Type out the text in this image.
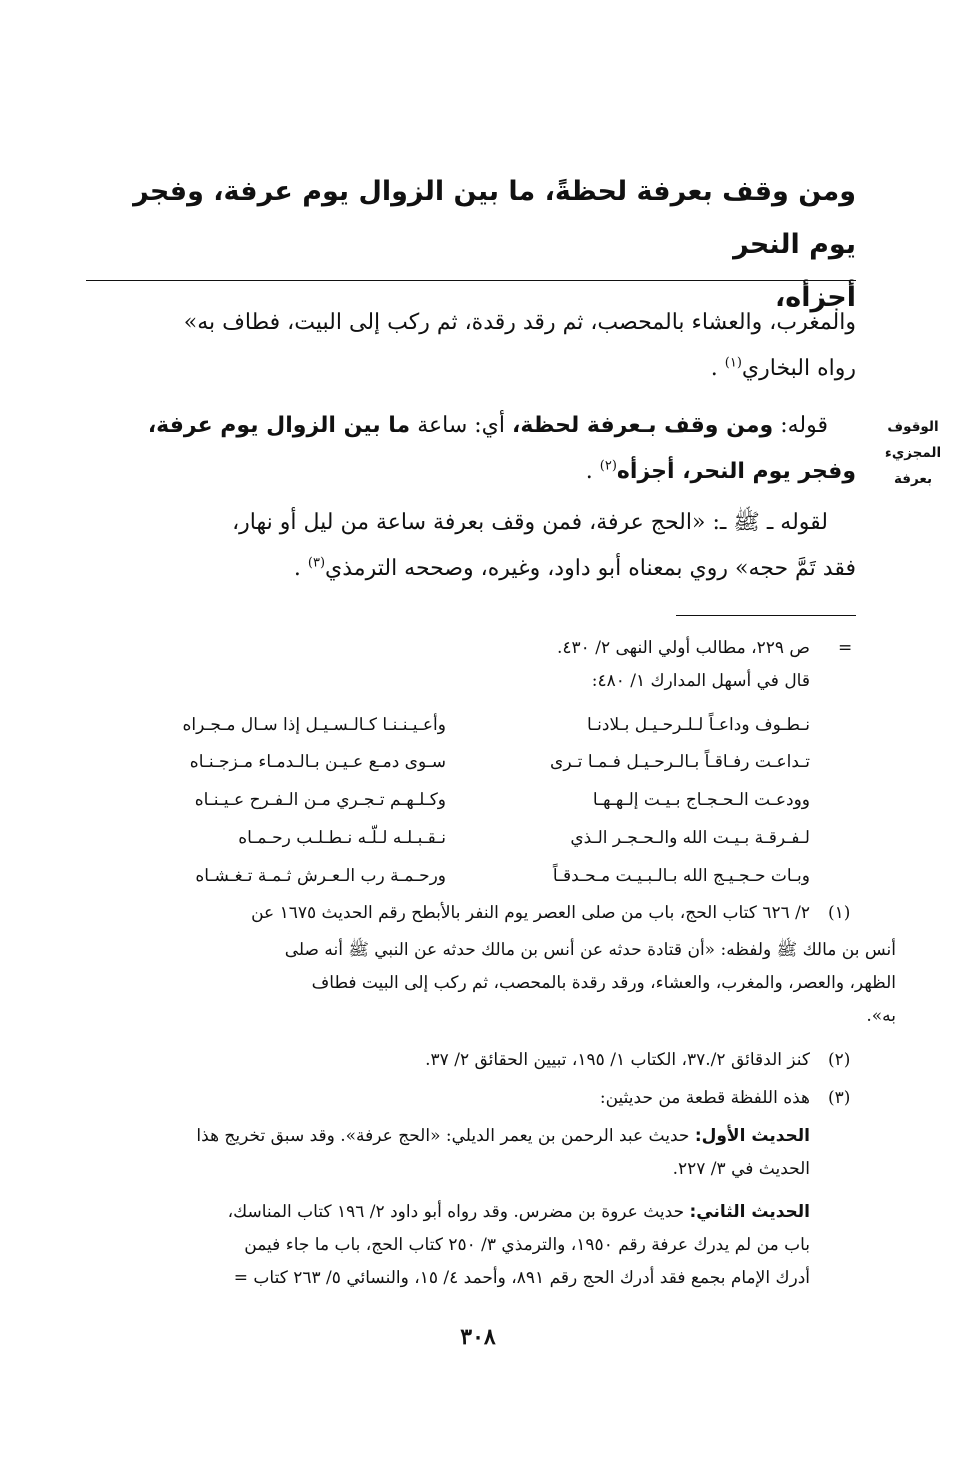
ومن وقف بعرفة لحظةً، ما بين الزوال يوم عرفة، وفجر يوم النحر
أجزأه،
الوقوف
المجزيء
بعرفة
والمغرب، والعشاء بالمحصب، ثم رقد رقدة، ثم ركب إلى البيت، فطاف به»
رواه البخاري$^{(١)}$ .
قوله: ومن وقف بـعرفة لحظة، أي: ساعة ما بين الزوال يوم عرفة،
وفجر يوم النحر، أجزأه$^{(٢)}$ .
لقوله ـ ﷺ ـ: «الحج عرفة، فمن وقف بعرفة ساعة من ليل أو نهار،
فقد تَمَّ حجه» روي بمعناه أبو داود، وغيره، وصححه الترمذي$^{(٣)}$ .
=
ص ٢٢٩، مطالب أولي النهى ٢/ ٤٣٠.
قال في أسهل المدارك ١/ ٤٨٠:
نـطـوف وداعـاً لـلـرحـيـل بـلادنـا
وأعـيـنـنـا كـالـسـيـل إذا سـال مـجـراه
تـداعـت رفـاقـاً بـالـرحـيـل فـمـا تـرى
سـوى دمـع عـيـن بـالـدمـاء مـزجـنـاه
وودعـت الـحـجـاج بـيـت إلـهـهـا
وكـلـهـم تـجـري مـن الـفـرح عـيـنـاه
لـفـرقـة بـيـت الله والـحـجـر الـذي
نـقـبـلـه لـلّـه نـطـلـب رحـمـاه
وبـات حـجـيـج الله بـالـبـيـت مـحـدقـاً
ورحـمـة رب الـعـرش ثـمـة تـغـشـاه
(١)
٢/ ٦٢٦ كتاب الحج، باب من صلى العصر يوم النفر بالأبطح رقم الحديث ١٦٧٥ عن
أنس بن مالك ﷺ ولفظه: «أن قتادة حدثه عن أنس بن مالك حدثه عن النبي ﷺ أنه صلى
الظهر، والعصر، والمغرب، والعشاء، ورقد رقدة بالمحصب، ثم ركب إلى البيت فطاف
به».
(٢)
كنز الدقائق ٢/.٣٧، الكتاب ١/ ١٩٥، تبيين الحقائق ٢/ ٣٧.
(٣)
هذه اللفظة قطعة من حديثين:
الحديث الأول: حديث عبد الرحمن بن يعمر الديلي: «الحج عرفة». وقد سبق تخريج هذا
الحديث في ٣/ ٢٢٧.
الحديث الثاني: حديث عروة بن مضرس. وقد رواه أبو داود ٢/ ١٩٦ كتاب المناسك،
باب من لم يدرك عرفة رقم ١٩٥٠، والترمذي ٣/ ٢٥٠ كتاب الحج، باب ما جاء فيمن
أدرك الإمام بجمع فقد أدرك الحج رقم ٨٩١، وأحمد ٤/ ١٥، والنسائي ٥/ ٢٦٣ كتاب =
٣٠٨
